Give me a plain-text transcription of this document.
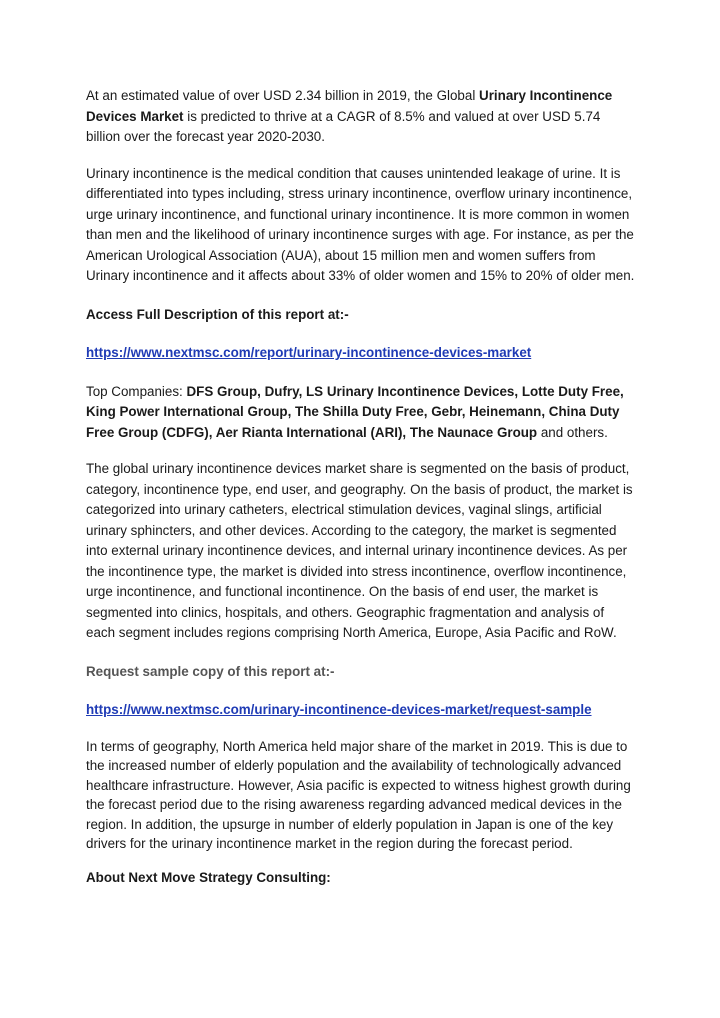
At an estimated value of over USD 2.34 billion in 2019, the Global Urinary Incontinence Devices Market is predicted to thrive at a CAGR of 8.5% and valued at over USD 5.74 billion over the forecast year 2020-2030.

Urinary incontinence is the medical condition that causes unintended leakage of urine. It is differentiated into types including, stress urinary incontinence, overflow urinary incontinence, urge urinary incontinence, and functional urinary incontinence. It is more common in women than men and the likelihood of urinary incontinence surges with age. For instance, as per the American Urological Association (AUA), about 15 million men and women suffers from Urinary incontinence and it affects about 33% of older women and 15% to 20% of older men.

Access Full Description of this report at:-

https://www.nextmsc.com/report/urinary-incontinence-devices-market

Top Companies: DFS Group, Dufry, LS Urinary Incontinence Devices, Lotte Duty Free, King Power International Group, The Shilla Duty Free, Gebr, Heinemann, China Duty Free Group (CDFG), Aer Rianta International (ARI), The Naunace Group and others.

The global urinary incontinence devices market share is segmented on the basis of product, category, incontinence type, end user, and geography. On the basis of product, the market is categorized into urinary catheters, electrical stimulation devices, vaginal slings, artificial urinary sphincters, and other devices. According to the category, the market is segmented into external urinary incontinence devices, and internal urinary incontinence devices. As per the incontinence type, the market is divided into stress incontinence, overflow incontinence, urge incontinence, and functional incontinence. On the basis of end user, the market is segmented into clinics, hospitals, and others. Geographic fragmentation and analysis of each segment includes regions comprising North America, Europe, Asia Pacific and RoW.

Request sample copy of this report at:-

https://www.nextmsc.com/urinary-incontinence-devices-market/request-sample

In terms of geography, North America held major share of the market in 2019. This is due to the increased number of elderly population and the availability of technologically advanced healthcare infrastructure. However, Asia pacific is expected to witness highest growth during the forecast period due to the rising awareness regarding advanced medical devices in the region. In addition, the upsurge in number of elderly population in Japan is one of the key drivers for the urinary incontinence market in the region during the forecast period.

About Next Move Strategy Consulting:
